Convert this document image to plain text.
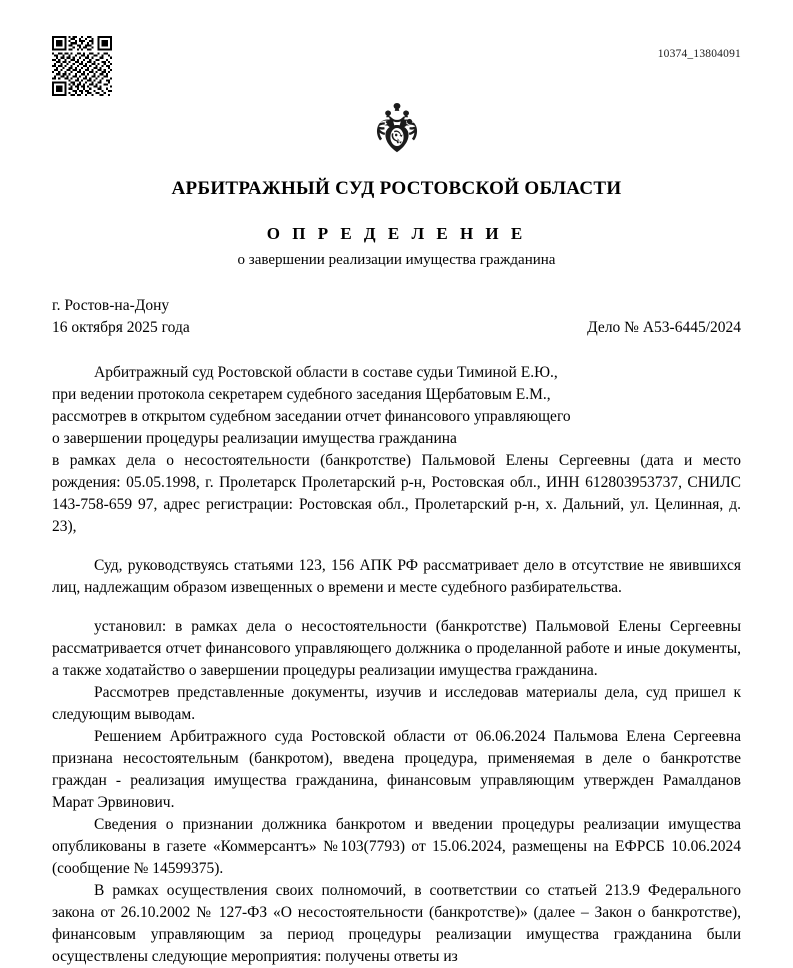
10374_13804091
АРБИТРАЖНЫЙ СУД РОСТОВСКОЙ ОБЛАСТИ
О П Р Е Д Е Л Е Н И Е
о завершении реализации имущества гражданина
г. Ростов-на-Дону
16 октября 2025 года	Дело № А53-6445/2024

Арбитражный суд Ростовской области в составе судьи Тиминой Е.Ю.,

при ведении протокола секретарем судебного заседания Щербатовым Е.М.,

рассмотрев в открытом судебном заседании отчет финансового управляющего

о завершении процедуры реализации имущества гражданина

в рамках дела о несостоятельности (банкротстве) Пальмовой Елены Сергеевны (дата и место рождения: 05.05.1998, г. Пролетарск Пролетарский р-н, Ростовская обл., ИНН 612803953737, СНИЛС 143-758-659 97, адрес регистрации: Ростовская обл., Пролетарский р-н, х. Дальний, ул. Целинная, д. 23),

Суд, руководствуясь статьями 123, 156 АПК РФ рассматривает дело в отсутствие не явившихся лиц, надлежащим образом извещенных о времени и месте судебного разбирательства.

установил: в рамках дела о несостоятельности (банкротстве) Пальмовой Елены Сергеевны рассматривается отчет финансового управляющего должника о проделанной работе и иные документы, а также ходатайство о завершении процедуры реализации имущества гражданина.

Рассмотрев представленные документы, изучив и исследовав материалы дела, суд пришел к следующим выводам.

Решением Арбитражного суда Ростовской области от 06.06.2024 Пальмова Елена Сергеевна признана несостоятельным (банкротом), введена процедура, применяемая в деле о банкротстве граждан - реализация имущества гражданина, финансовым управляющим утвержден Рамалданов Марат Эрвинович.

Сведения о признании должника банкротом и введении процедуры реализации имущества опубликованы в газете «Коммерсантъ» №103(7793) от 15.06.2024, размещены на ЕФРСБ 10.06.2024 (сообщение № 14599375).

В рамках осуществления своих полномочий, в соответствии со статьей 213.9 Федерального закона от 26.10.2002 № 127-ФЗ «О несостоятельности (банкротстве)» (далее – Закон о банкротстве), финансовым управляющим за период процедуры реализации имущества гражданина были осуществлены следующие мероприятия: получены ответы из
